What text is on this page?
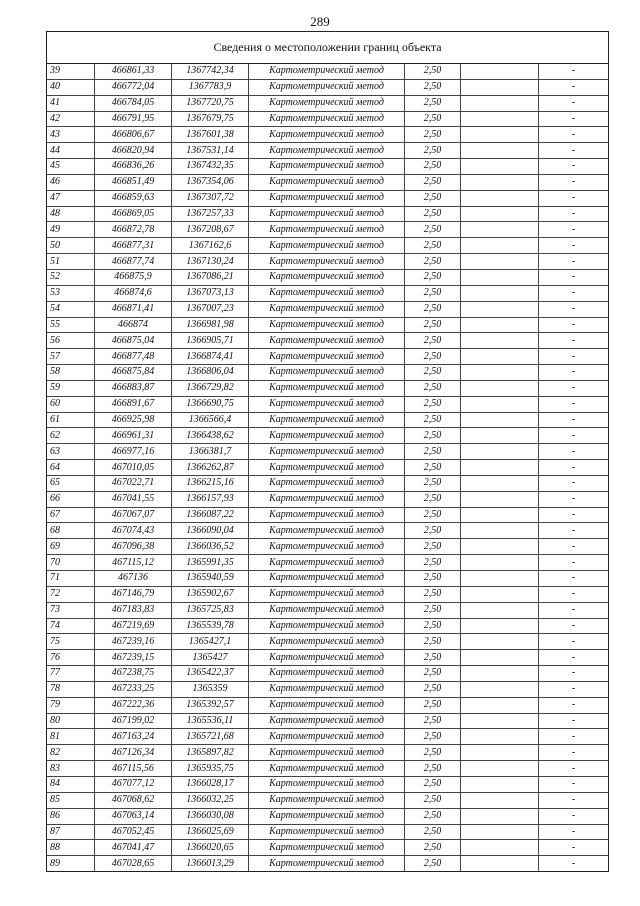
289
Сведения о местоположении границ объекта
39	466861,33	1367742,34	Картометрический метод	2,50		-
40	466772,04	1367783,9	Картометрический метод	2,50		-
41	466784,05	1367720,75	Картометрический метод	2,50		-
42	466791,95	1367679,75	Картометрический метод	2,50		-
43	466806,67	1367601,38	Картометрический метод	2,50		-
44	466820,94	1367531,14	Картометрический метод	2,50		-
45	466836,26	1367432,35	Картометрический метод	2,50		-
46	466851,49	1367354,06	Картометрический метод	2,50		-
47	466859,63	1367307,72	Картометрический метод	2,50		-
48	466869,05	1367257,33	Картометрический метод	2,50		-
49	466872,78	1367208,67	Картометрический метод	2,50		-
50	466877,31	1367162,6	Картометрический метод	2,50		-
51	466877,74	1367130,24	Картометрический метод	2,50		-
52	466875,9	1367086,21	Картометрический метод	2,50		-
53	466874,6	1367073,13	Картометрический метод	2,50		-
54	466871,41	1367007,23	Картометрический метод	2,50		-
55	466874	1366981,98	Картометрический метод	2,50		-
56	466875,04	1366905,71	Картометрический метод	2,50		-
57	466877,48	1366874,41	Картометрический метод	2,50		-
58	466875,84	1366806,04	Картометрический метод	2,50		-
59	466883,87	1366729,82	Картометрический метод	2,50		-
60	466891,67	1366690,75	Картометрический метод	2,50		-
61	466925,98	1366566,4	Картометрический метод	2,50		-
62	466961,31	1366438,62	Картометрический метод	2,50		-
63	466977,16	1366381,7	Картометрический метод	2,50		-
64	467010,05	1366262,87	Картометрический метод	2,50		-
65	467022,71	1366215,16	Картометрический метод	2,50		-
66	467041,55	1366157,93	Картометрический метод	2,50		-
67	467067,07	1366087,22	Картометрический метод	2,50		-
68	467074,43	1366090,04	Картометрический метод	2,50		-
69	467096,38	1366036,52	Картометрический метод	2,50		-
70	467115,12	1365991,35	Картометрический метод	2,50		-
71	467136	1365940,59	Картометрический метод	2,50		-
72	467146,79	1365902,67	Картометрический метод	2,50		-
73	467183,83	1365725,83	Картометрический метод	2,50		-
74	467219,69	1365539,78	Картометрический метод	2,50		-
75	467239,16	1365427,1	Картометрический метод	2,50		-
76	467239,15	1365427	Картометрический метод	2,50		-
77	467238,75	1365422,37	Картометрический метод	2,50		-
78	467233,25	1365359	Картометрический метод	2,50		-
79	467222,36	1365392,57	Картометрический метод	2,50		-
80	467199,02	1365536,11	Картометрический метод	2,50		-
81	467163,24	1365721,68	Картометрический метод	2,50		-
82	467126,34	1365897,82	Картометрический метод	2,50		-
83	467115,56	1365935,75	Картометрический метод	2,50		-
84	467077,12	1366028,17	Картометрический метод	2,50		-
85	467068,62	1366032,25	Картометрический метод	2,50		-
86	467063,14	1366030,08	Картометрический метод	2,50		-
87	467052,45	1366025,69	Картометрический метод	2,50		-
88	467041,47	1366020,65	Картометрический метод	2,50		-
89	467028,65	1366013,29	Картометрический метод	2,50		-
